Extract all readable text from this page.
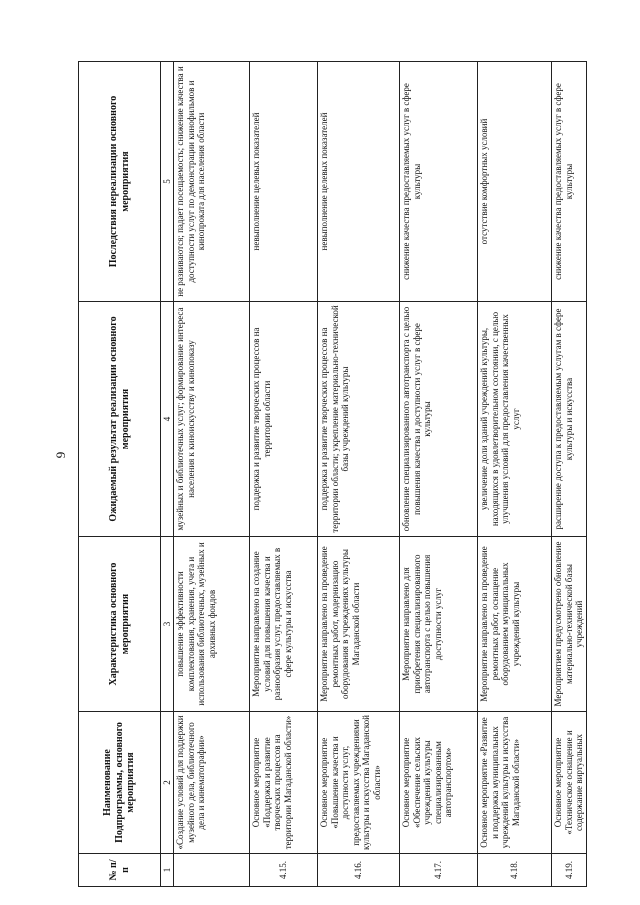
9
№ п/п	Наименование Подпрограммы, основного мероприятия	Характеристика основного мероприятия	Ожидаемый результат реализации основного мероприятия	Последствия нереализации основного мероприятия
1	2	3	4	5
	«Создание условий для поддержки музейного дела, библиотечного дела и кинематографии»	повышение эффективности комплектования, хранения, учета и использования библиотечных, музейных и архивных фондов	музейных и библиотечных услуг; формирование интереса населения к кинoискусству и кинопоказу	не развиваются; падает посещаемость; снижение качества и доступности услуг по демонстрации кинофильмов и кинопроката для населения области
4.15.	Основное мероприятие «Поддержка и развитие творческих процессов на территории Магаданской области»	Мероприятие направлено на создание условий для повышения качества и разнообразия услуг, предоставляемых в сфере культуры и искусства	поддержка и развитие творческих процессов на территории области	невыполнение целевых показателей
4.16.	Основное мероприятие «Повышение качества и доступности услуг, предоставляемых учреждениями культуры и искусства Магаданской области»	Мероприятие направлено на проведение ремонтных работ, модернизацию оборудования в учреждениях культуры Магаданской области	поддержка и развитие творческих процессов на территории области; укрепление материально-технической базы учреждений культуры	невыполнение целевых показателей
4.17.	Основное мероприятие «Обеспечение сельских учреждений культуры специализированным автотранспортом»	Мероприятие направлено для приобретения специализированного автотранспорта с целью повышения доступности услуг	обновление специализированного автотранспорта с целью повышения качества и доступности услуг в сфере культуры	снижение качества предоставляемых услуг в сфере культуры
4.18.	Основное мероприятие «Развитие и поддержка муниципальных учреждений культуры и искусства Магаданской области»	Мероприятие направлено на проведение ремонтных работ, оснащение оборудованием муниципальных учреждений культуры	увеличение доли зданий учреждений культуры, находящихся в удовлетворительном состоянии, с целью улучшения условий для предоставления качественных услуг	отсутствие комфортных условий
4.19.	Основное мероприятие «Техническое оснащение и содержание виртуальных	Мероприятием предусмотрено обновление материально-технической базы учреждений	расширение доступа к предоставляемым услугам в сфере культуры и искусства	снижение качества предоставляемых услуг в сфере культуры
